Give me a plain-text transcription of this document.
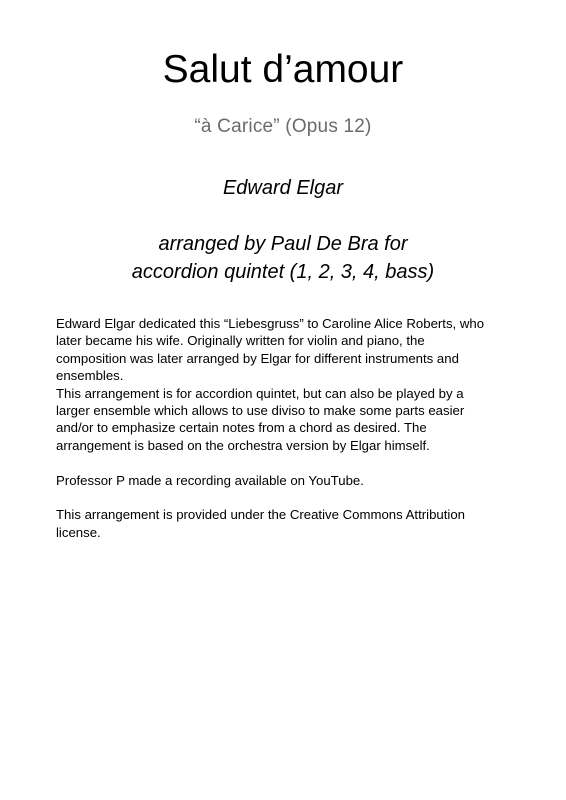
Salut d’amour
“à Carice” (Opus 12)
Edward Elgar
arranged by Paul De Bra for
accordion quintet (1, 2, 3, 4, bass)
Edward Elgar dedicated this “Liebesgruss” to Caroline Alice Roberts, who
later became his wife. Originally written for violin and piano, the
composition was later arranged by Elgar for different instruments and
ensembles.
This arrangement is for accordion quintet, but can also be played by a
larger ensemble which allows to use diviso to make some parts easier
and/or to emphasize certain notes from a chord as desired. The
arrangement is based on the orchestra version by Elgar himself.
Professor P made a recording available on YouTube.
This arrangement is provided under the Creative Commons Attribution
license.
